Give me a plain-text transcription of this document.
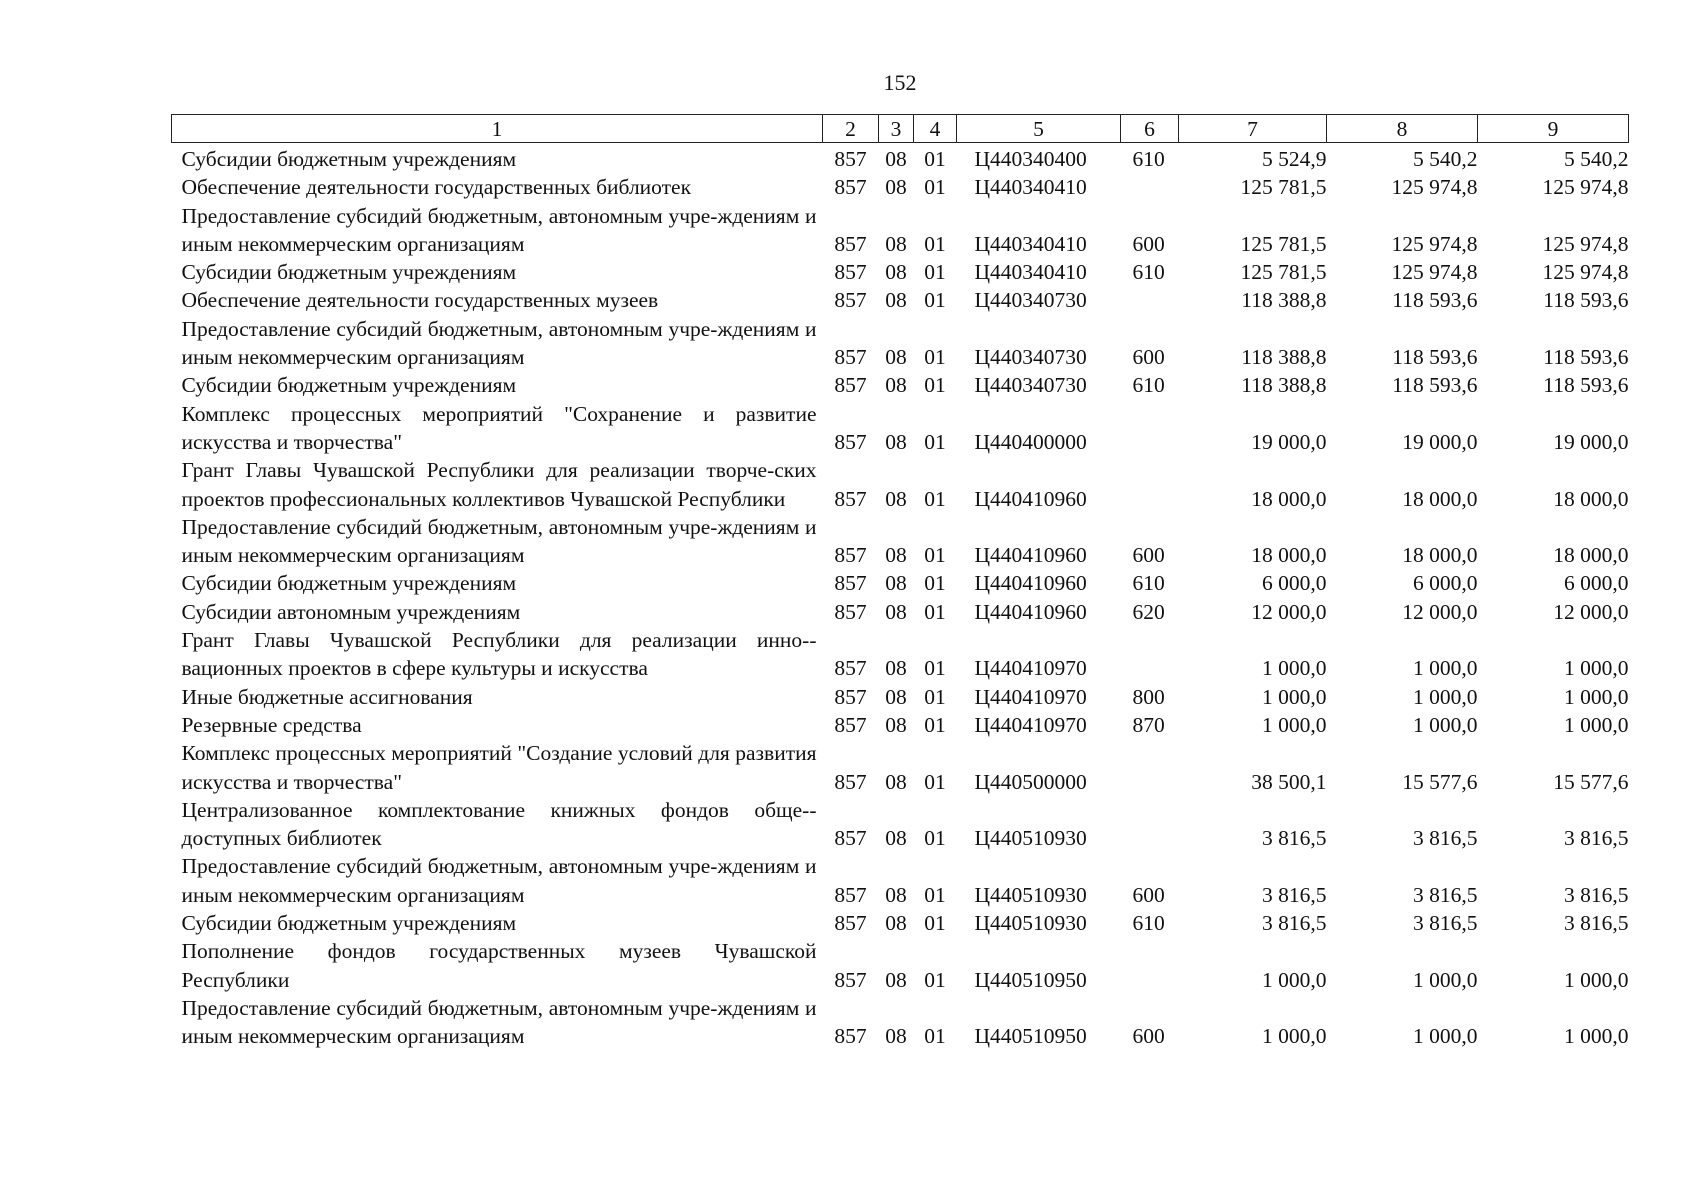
152
1	2	3	4	5	6	7	8	9
Субсидии бюджетным учреждениям	857	08	01	Ц440340400	610	5 524,9	5 540,2	5 540,2
Обеспечение деятельности государственных библиотек	857	08	01	Ц440340410		125 781,5	125 974,8	125 974,8
Предоставление субсидий бюджетным, автономным учре-ждениям и иным некоммерческим организациям	857	08	01	Ц440340410	600	125 781,5	125 974,8	125 974,8
Субсидии бюджетным учреждениям	857	08	01	Ц440340410	610	125 781,5	125 974,8	125 974,8
Обеспечение деятельности государственных музеев	857	08	01	Ц440340730		118 388,8	118 593,6	118 593,6
Предоставление субсидий бюджетным, автономным учре-ждениям и иным некоммерческим организациям	857	08	01	Ц440340730	600	118 388,8	118 593,6	118 593,6
Субсидии бюджетным учреждениям	857	08	01	Ц440340730	610	118 388,8	118 593,6	118 593,6
Комплекс процессных мероприятий "Сохранение и развитие искусства и творчества"	857	08	01	Ц440400000		19 000,0	19 000,0	19 000,0
Грант Главы Чувашской Республики для реализации творче-ских проектов профессиональных коллективов Чувашской Республики	857	08	01	Ц440410960		18 000,0	18 000,0	18 000,0
Предоставление субсидий бюджетным, автономным учре-ждениям и иным некоммерческим организациям	857	08	01	Ц440410960	600	18 000,0	18 000,0	18 000,0
Субсидии бюджетным учреждениям	857	08	01	Ц440410960	610	6 000,0	6 000,0	6 000,0
Субсидии автономным учреждениям	857	08	01	Ц440410960	620	12 000,0	12 000,0	12 000,0
Грант Главы Чувашской Республики для реализации инно-вационных проектов в сфере культуры и искусства	857	08	01	Ц440410970		1 000,0	1 000,0	1 000,0
Иные бюджетные ассигнования	857	08	01	Ц440410970	800	1 000,0	1 000,0	1 000,0
Резервные средства	857	08	01	Ц440410970	870	1 000,0	1 000,0	1 000,0
Комплекс процессных мероприятий "Создание условий для развития искусства и творчества"	857	08	01	Ц440500000		38 500,1	15 577,6	15 577,6
Централизованное комплектование книжных фондов обще-доступных библиотек	857	08	01	Ц440510930		3 816,5	3 816,5	3 816,5
Предоставление субсидий бюджетным, автономным учре-ждениям и иным некоммерческим организациям	857	08	01	Ц440510930	600	3 816,5	3 816,5	3 816,5
Субсидии бюджетным учреждениям	857	08	01	Ц440510930	610	3 816,5	3 816,5	3 816,5
Пополнение фондов государственных музеев Чувашской Республики	857	08	01	Ц440510950		1 000,0	1 000,0	1 000,0
Предоставление субсидий бюджетным, автономным учре-ждениям и иным некоммерческим организациям	857	08	01	Ц440510950	600	1 000,0	1 000,0	1 000,0
